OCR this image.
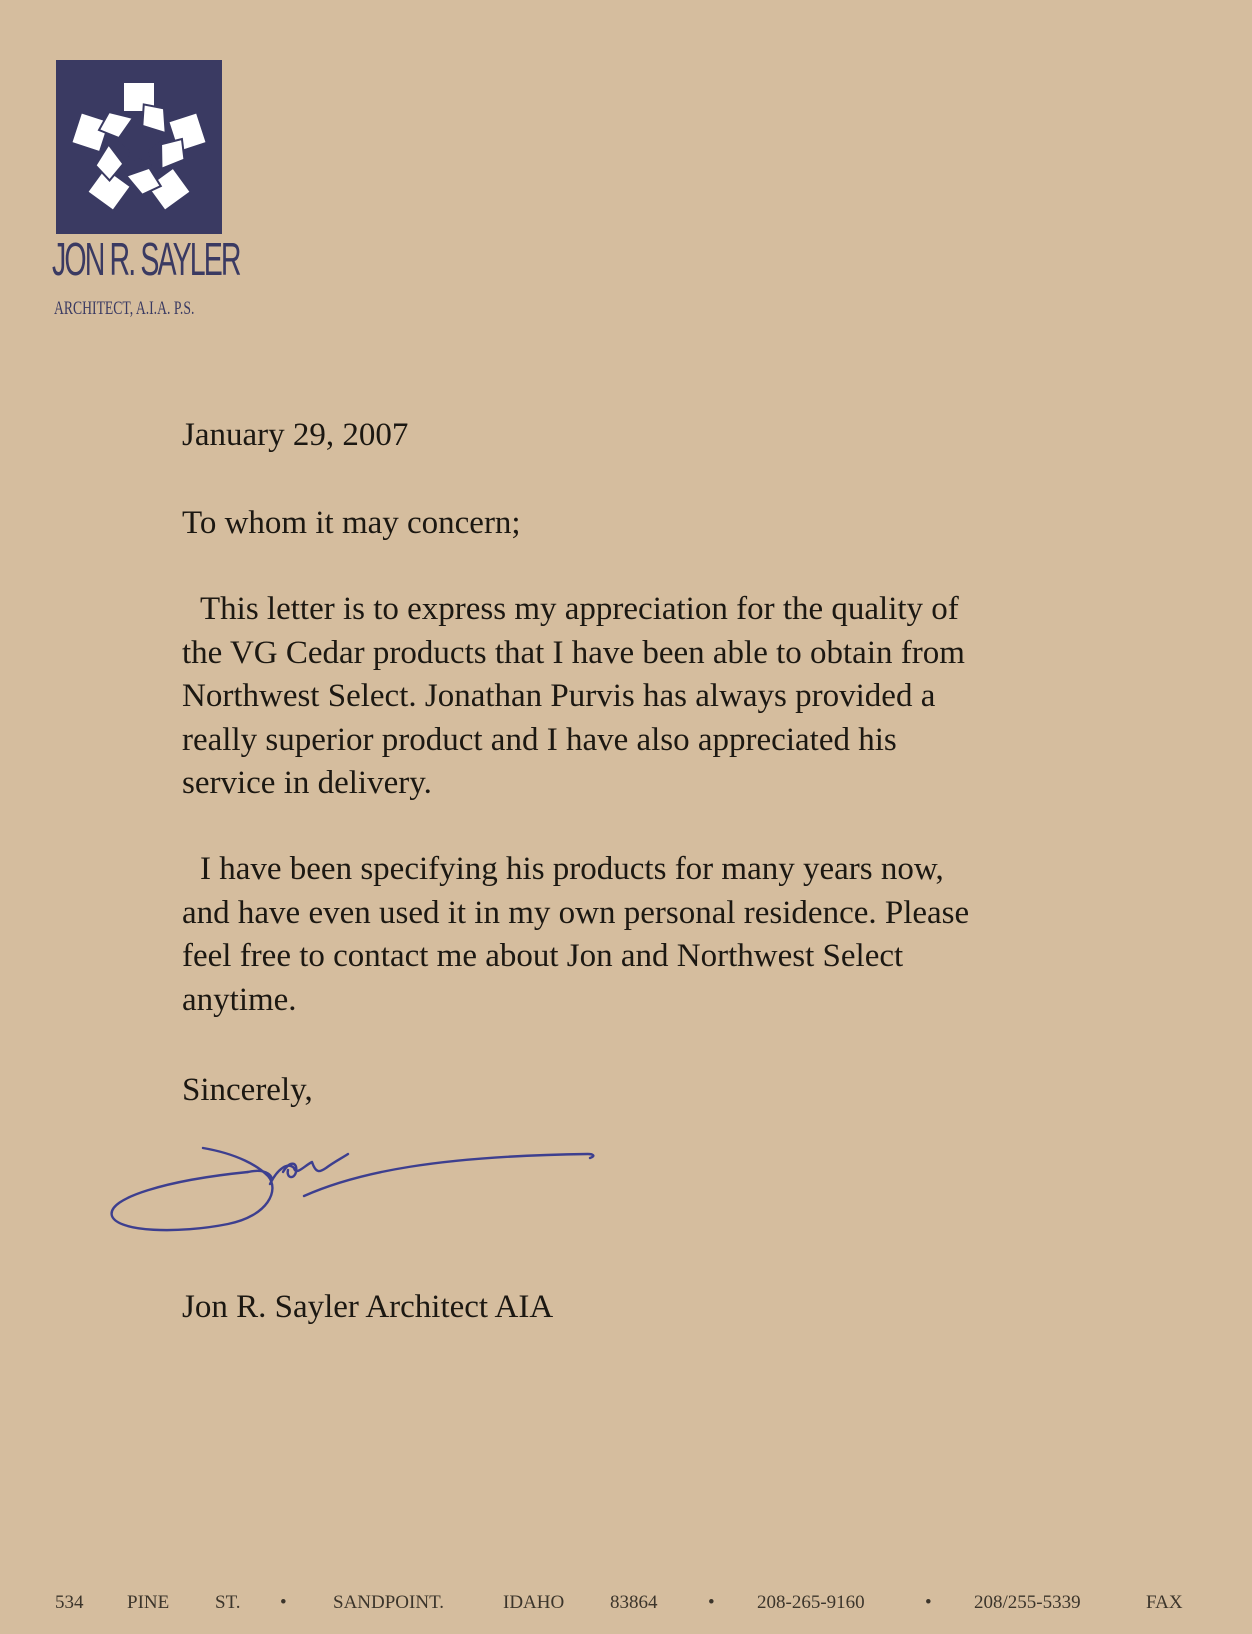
JON R. SAYLER
ARCHITECT, A.I.A. P.S.
January 29, 2007
To whom it may concern;
This letter is to express my appreciation for the quality of
the VG Cedar products that I have been able to obtain from
Northwest Select. Jonathan Purvis has always provided a
really superior product and I have also appreciated his
service in delivery.
I have been specifying his products for many years now,
and have even used it in my own personal residence. Please
feel free to contact me about Jon and Northwest Select
anytime.
Sincerely,
Jon R. Sayler Architect AIA
534 PINE ST. • SANDPOINT.	IDAHO 83864	• 208-265-9160	• 208/255-5339	FAX
